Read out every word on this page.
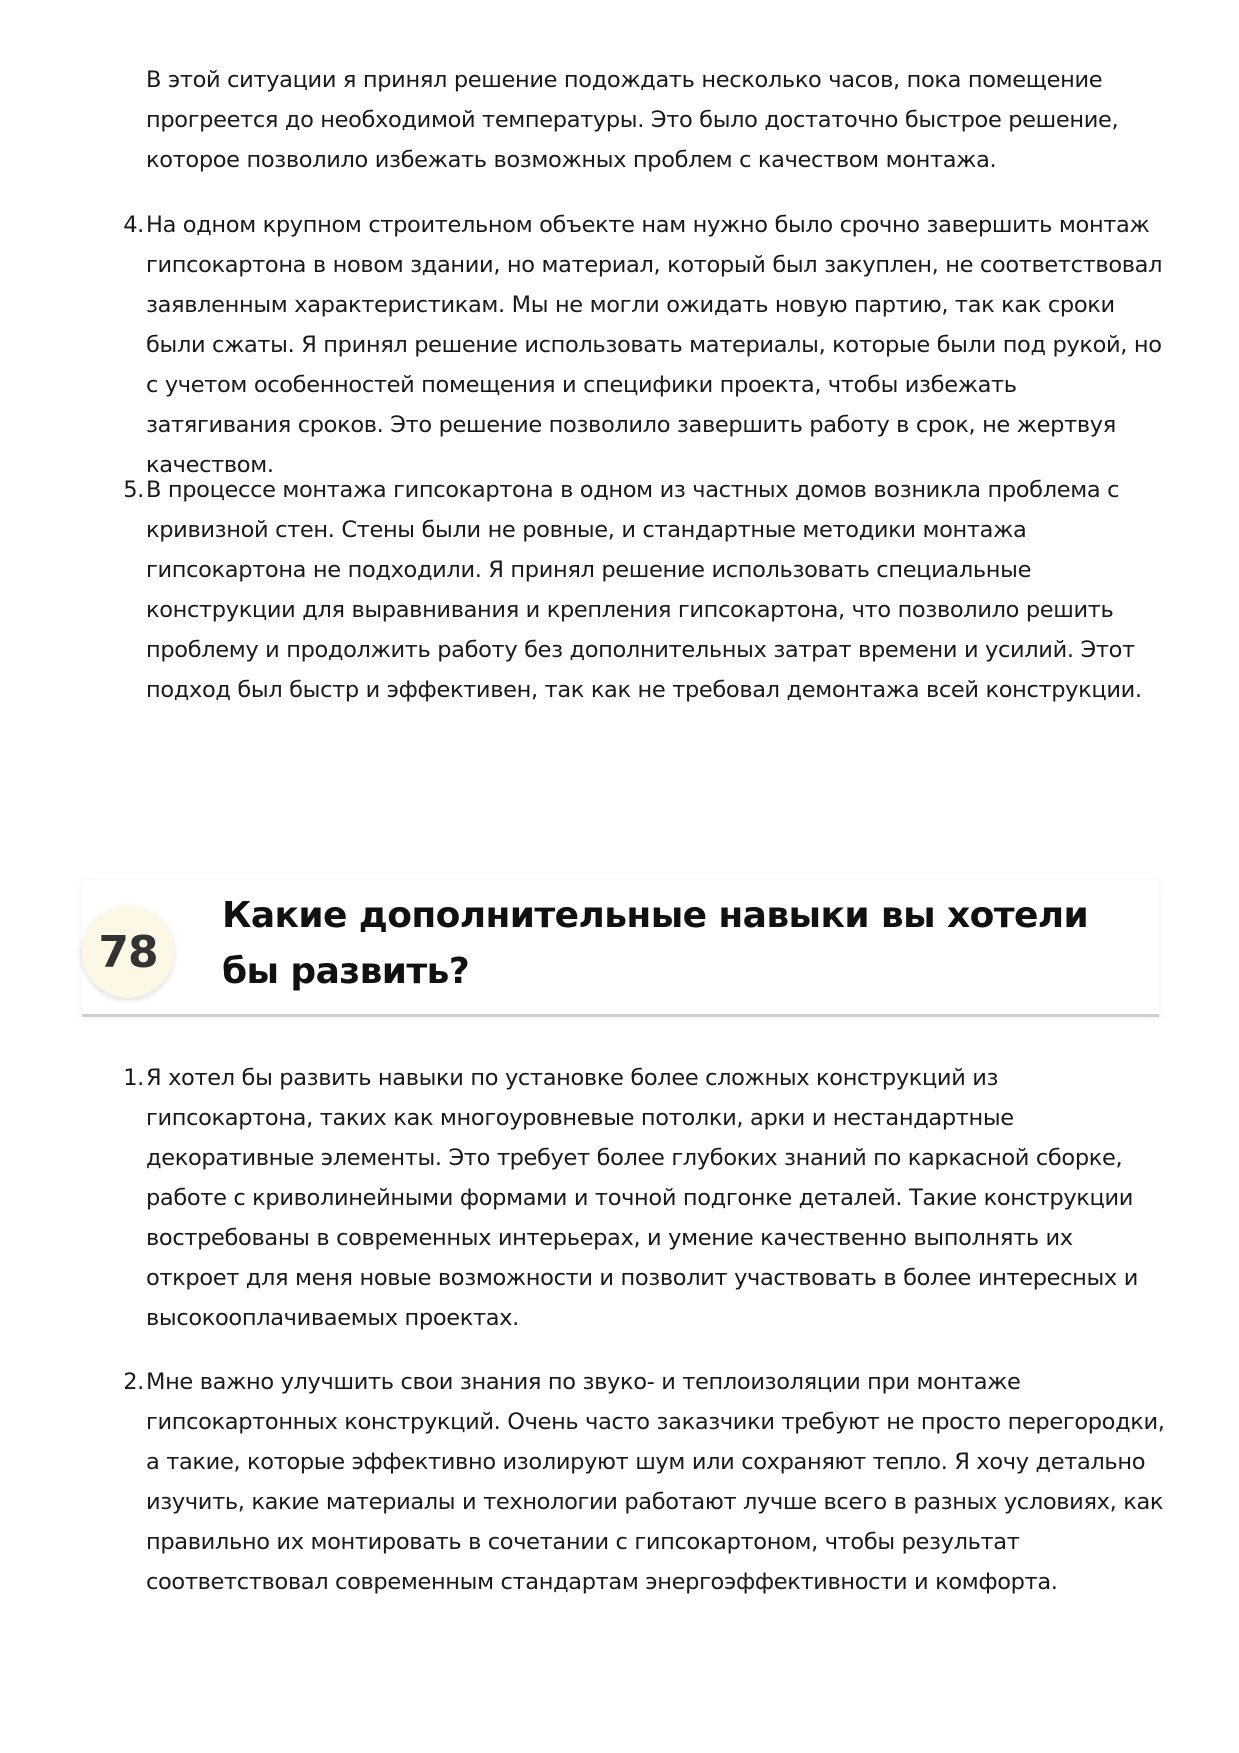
В этой ситуации я принял решение подождать несколько часов, пока помещение прогреется до необходимой температуры. Это было достаточно быстрое решение, которое позволило избежать возможных проблем с качеством монтажа.

4. На одном крупном строительном объекте нам нужно было срочно завершить монтаж гипсокартона в новом здании, но материал, который был закуплен, не соответствовал заявленным характеристикам. Мы не могли ожидать новую партию, так как сроки были сжаты. Я принял решение использовать материалы, которые были под рукой, но с учетом особенностей помещения и специфики проекта, чтобы избежать затягивания сроков. Это решение позволило завершить работу в срок, не жертвуя качеством.
5. В процессе монтажа гипсокартона в одном из частных домов возникла проблема с кривизной стен. Стены были не ровные, и стандартные методики монтажа гипсокартона не подходили. Я принял решение использовать специальные конструкции для выравнивания и крепления гипсокартона, что позволило решить проблему и продолжить работу без дополнительных затрат времени и усилий. Этот подход был быстр и эффективен, так как не требовал демонтажа всей конструкции.
78
Какие дополнительные навыки вы хотели бы развить?
1. Я хотел бы развить навыки по установке более сложных конструкций из гипсокартона, таких как многоуровневые потолки, арки и нестандартные декоративные элементы. Это требует более глубоких знаний по каркасной сборке, работе с криволинейными формами и точной подгонке деталей. Такие конструкции востребованы в современных интерьерах, и умение качественно выполнять их откроет для меня новые возможности и позволит участвовать в более интересных и высокооплачиваемых проектах.
2. Мне важно улучшить свои знания по звуко- и теплоизоляции при монтаже гипсокартонных конструкций. Очень часто заказчики требуют не просто перегородки, а такие, которые эффективно изолируют шум или сохраняют тепло. Я хочу детально изучить, какие материалы и технологии работают лучше всего в разных условиях, как правильно их монтировать в сочетании с гипсокартоном, чтобы результат соответствовал современным стандартам энергоэффективности и комфорта.
